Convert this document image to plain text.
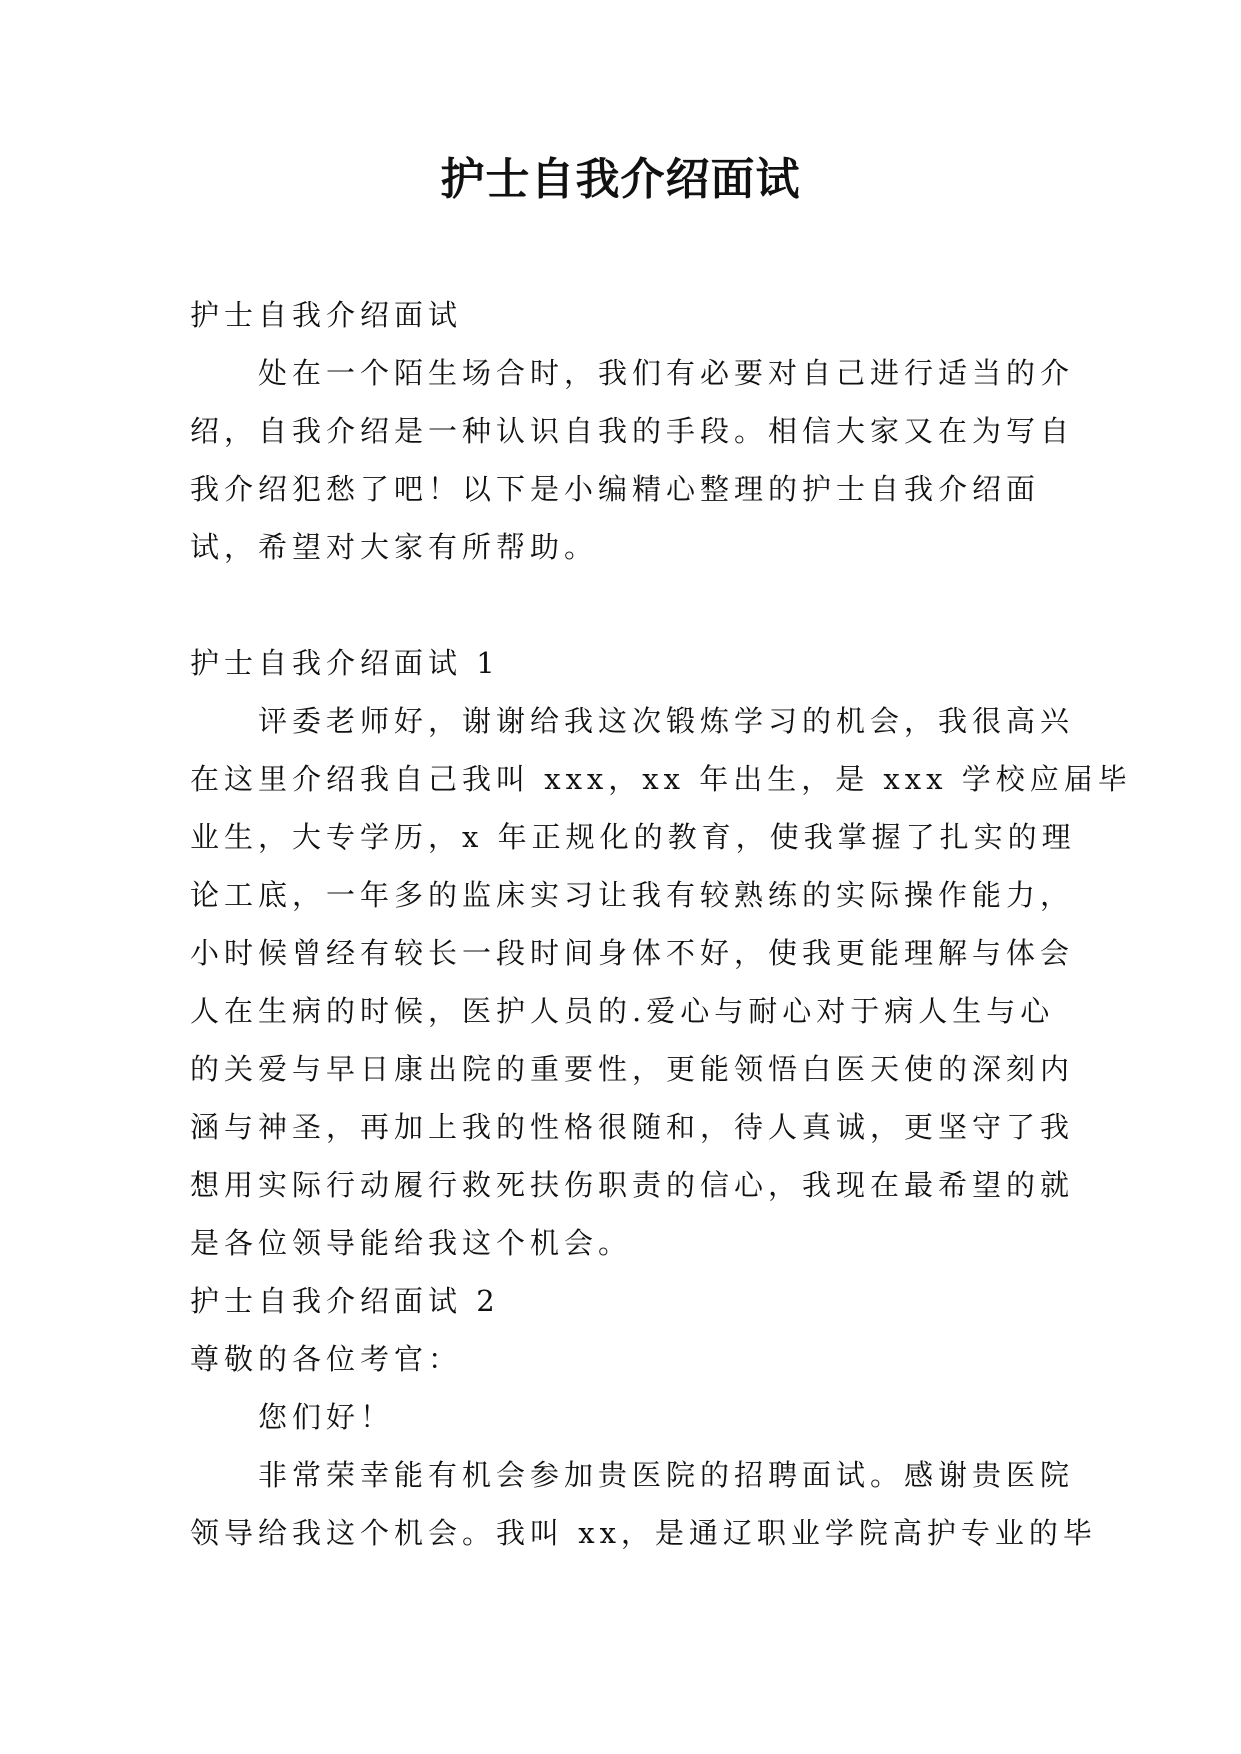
护士自我介绍面试
护士自我介绍面试
处在一个陌生场合时，我们有必要对自己进行适当的介
绍，自我介绍是一种认识自我的手段。相信大家又在为写自
我介绍犯愁了吧！以下是小编精心整理的护士自我介绍面
试，希望对大家有所帮助。
护士自我介绍面试 1
评委老师好，谢谢给我这次锻炼学习的机会，我很高兴
在这里介绍我自己我叫 xxx，xx 年出生，是 xxx 学校应届毕
业生，大专学历，x 年正规化的教育，使我掌握了扎实的理
论工底，一年多的监床实习让我有较熟练的实际操作能力，
小时候曾经有较长一段时间身体不好，使我更能理解与体会
人在生病的时候，医护人员的.爱心与耐心对于病人生与心
的关爱与早日康出院的重要性，更能领悟白医天使的深刻内
涵与神圣，再加上我的性格很随和，待人真诚，更坚守了我
想用实际行动履行救死扶伤职责的信心，我现在最希望的就
是各位领导能给我这个机会。
护士自我介绍面试 2
尊敬的各位考官：
您们好！
非常荣幸能有机会参加贵医院的招聘面试。感谢贵医院
领导给我这个机会。我叫 xx，是通辽职业学院高护专业的毕
